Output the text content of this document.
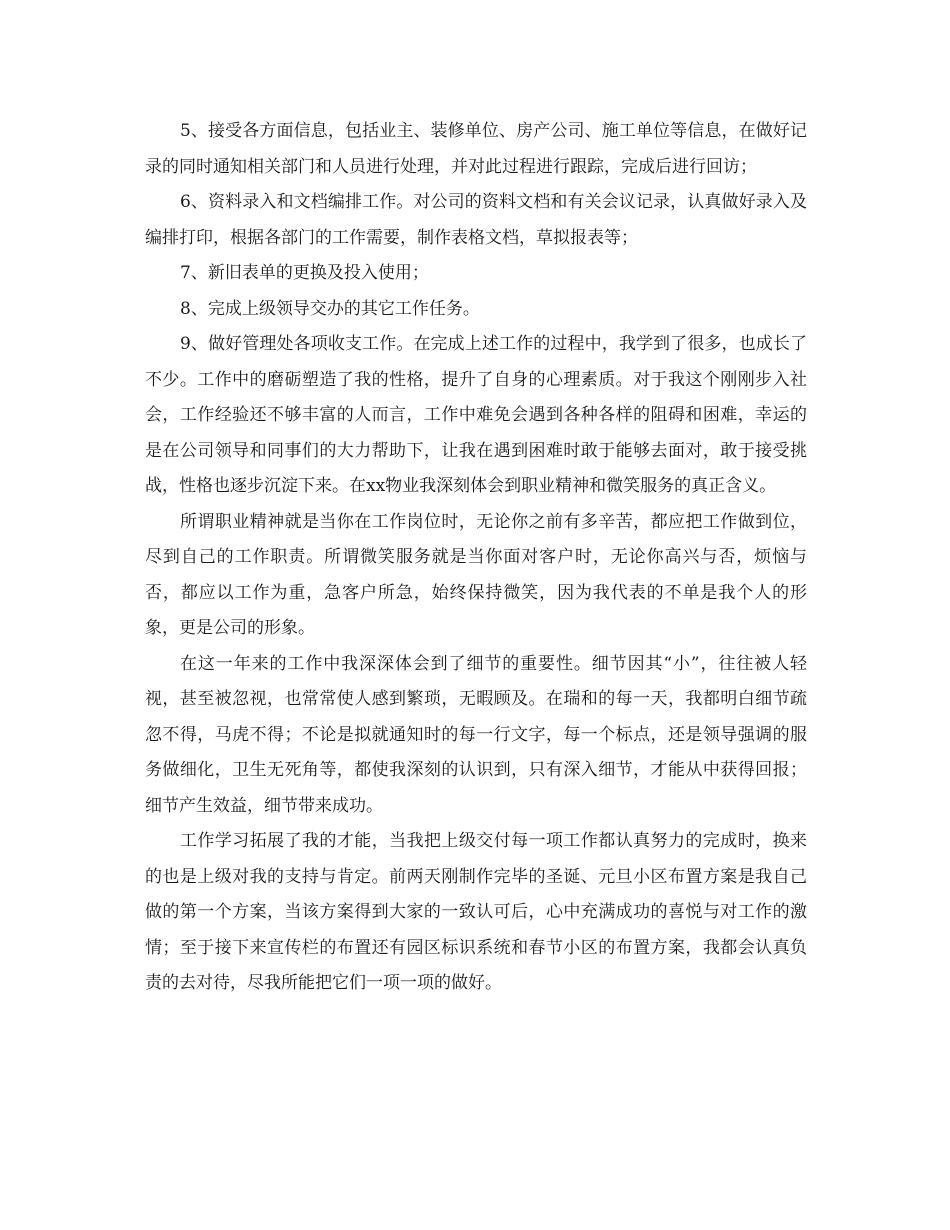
5、接受各方面信息，包括业主、装修单位、房产公司、施工单位等信息，在做好记录的同时通知相关部门和人员进行处理，并对此过程进行跟踪，完成后进行回访；

6、资料录入和文档编排工作。对公司的资料文档和有关会议记录，认真做好录入及编排打印，根据各部门的工作需要，制作表格文档，草拟报表等；

7、新旧表单的更换及投入使用；

8、完成上级领导交办的其它工作任务。

9、做好管理处各项收支工作。在完成上述工作的过程中，我学到了很多，也成长了不少。工作中的磨砺塑造了我的性格，提升了自身的心理素质。对于我这个刚刚步入社会，工作经验还不够丰富的人而言，工作中难免会遇到各种各样的阻碍和困难，幸运的是在公司领导和同事们的大力帮助下，让我在遇到困难时敢于能够去面对，敢于接受挑战，性格也逐步沉淀下来。在xx物业我深刻体会到职业精神和微笑服务的真正含义。

所谓职业精神就是当你在工作岗位时，无论你之前有多辛苦，都应把工作做到位，尽到自己的工作职责。所谓微笑服务就是当你面对客户时，无论你高兴与否，烦恼与否，都应以工作为重，急客户所急，始终保持微笑，因为我代表的不单是我个人的形象，更是公司的形象。

在这一年来的工作中我深深体会到了细节的重要性。细节因其“小”，往往被人轻视，甚至被忽视，也常常使人感到繁琐，无暇顾及。在瑞和的每一天，我都明白细节疏忽不得，马虎不得；不论是拟就通知时的每一行文字，每一个标点，还是领导强调的服务做细化，卫生无死角等，都使我深刻的认识到，只有深入细节，才能从中获得回报；细节产生效益，细节带来成功。

工作学习拓展了我的才能，当我把上级交付每一项工作都认真努力的完成时，换来的也是上级对我的支持与肯定。前两天刚制作完毕的圣诞、元旦小区布置方案是我自己做的第一个方案，当该方案得到大家的一致认可后，心中充满成功的喜悦与对工作的激情；至于接下来宣传栏的布置还有园区标识系统和春节小区的布置方案，我都会认真负责的去对待，尽我所能把它们一项一项的做好。
